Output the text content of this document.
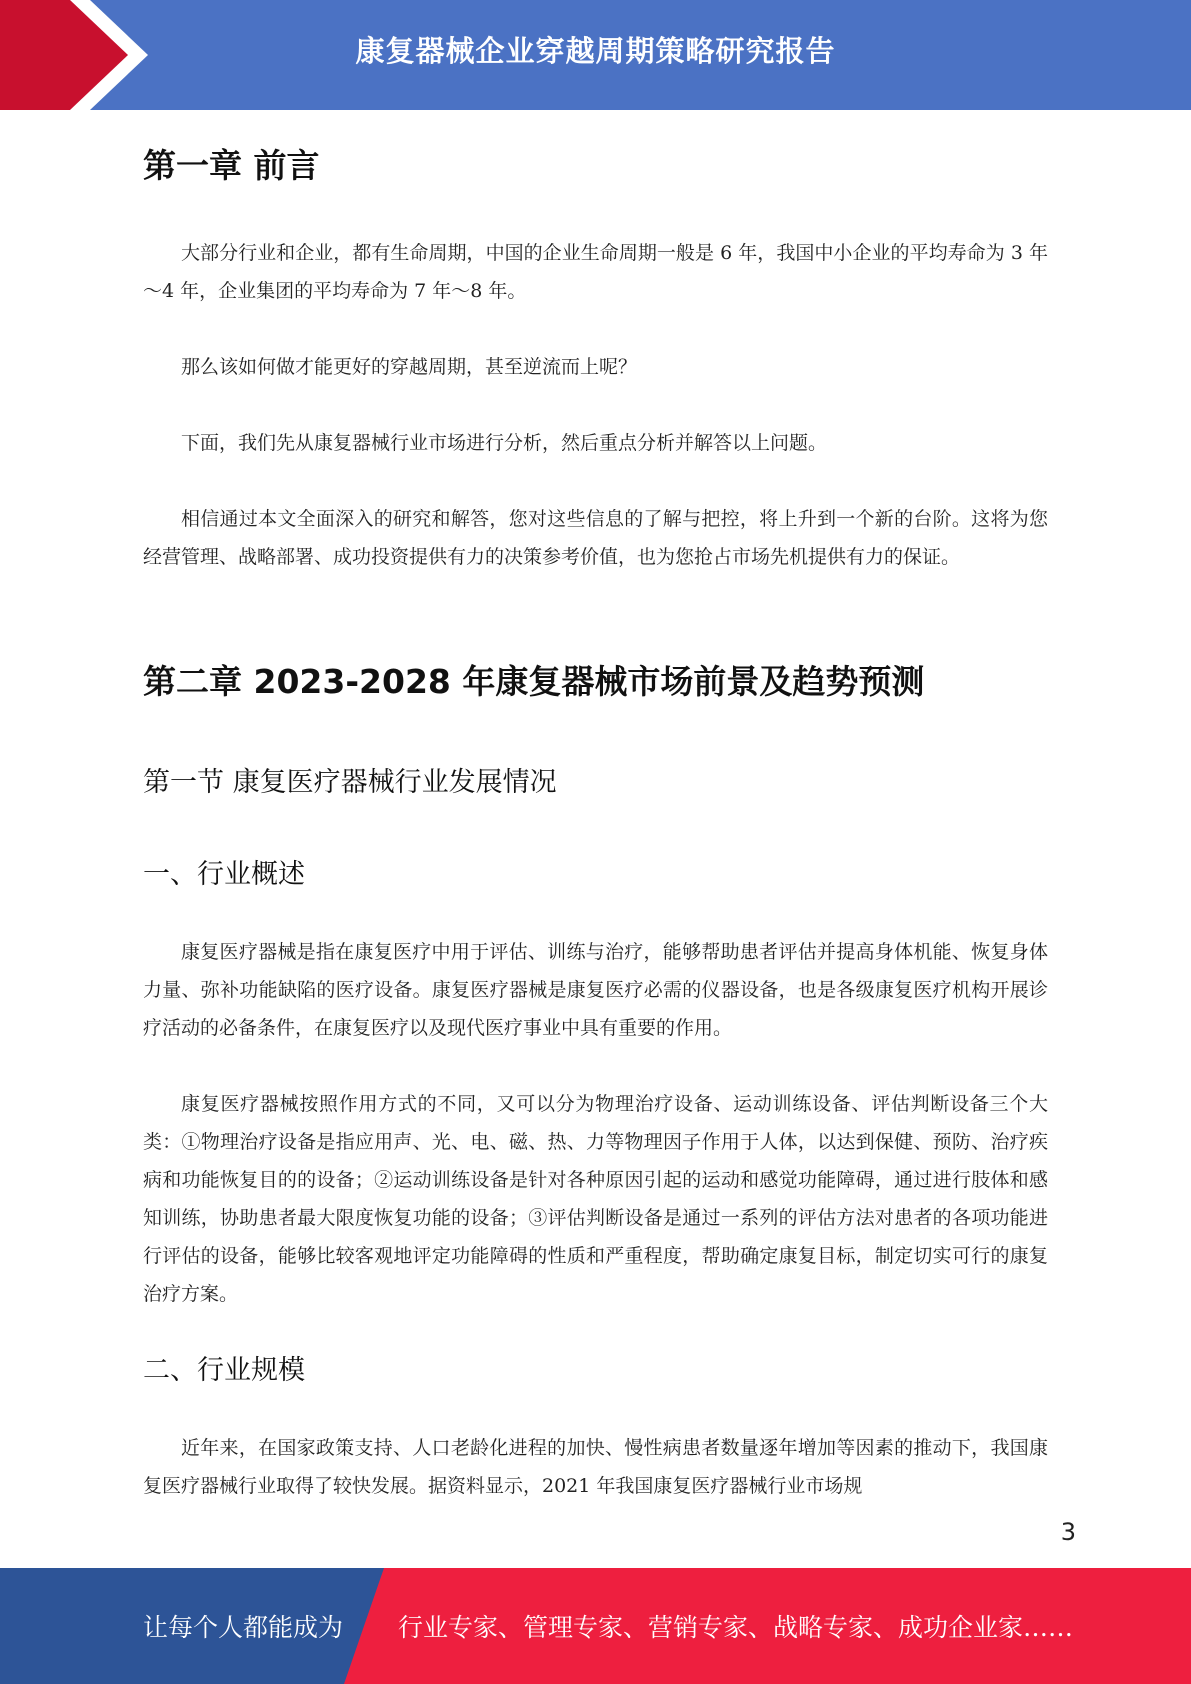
康复器械企业穿越周期策略研究报告
第一章 前言

大部分行业和企业，都有生命周期，中国的企业生命周期一般是 6 年，我国中小企业的平均寿命为 3 年～4 年，企业集团的平均寿命为 7 年～8 年。

那么该如何做才能更好的穿越周期，甚至逆流而上呢？

下面，我们先从康复器械行业市场进行分析，然后重点分析并解答以上问题。

相信通过本文全面深入的研究和解答，您对这些信息的了解与把控，将上升到一个新的台阶。这将为您经营管理、战略部署、成功投资提供有力的决策参考价值，也为您抢占市场先机提供有力的保证。

第二章 2023-2028 年康复器械市场前景及趋势预测
第一节 康复医疗器械行业发展情况
一、行业概述

康复医疗器械是指在康复医疗中用于评估、训练与治疗，能够帮助患者评估并提高身体机能、恢复身体力量、弥补功能缺陷的医疗设备。康复医疗器械是康复医疗必需的仪器设备，也是各级康复医疗机构开展诊疗活动的必备条件，在康复医疗以及现代医疗事业中具有重要的作用。

康复医疗器械按照作用方式的不同，又可以分为物理治疗设备、运动训练设备、评估判断设备三个大类：①物理治疗设备是指应用声、光、电、磁、热、力等物理因子作用于人体，以达到保健、预防、治疗疾病和功能恢复目的的设备；②运动训练设备是针对各种原因引起的运动和感觉功能障碍，通过进行肢体和感知训练，协助患者最大限度恢复功能的设备；③评估判断设备是通过一系列的评估方法对患者的各项功能进行评估的设备，能够比较客观地评定功能障碍的性质和严重程度，帮助确定康复目标，制定切实可行的康复治疗方案。

二、行业规模

近年来，在国家政策支持、人口老龄化进程的加快、慢性病患者数量逐年增加等因素的推动下，我国康复医疗器械行业取得了较快发展。据资料显示，2021 年我国康复医疗器械行业市场规

3
让每个人都能成为 行业专家、管理专家、营销专家、战略专家、成功企业家……
